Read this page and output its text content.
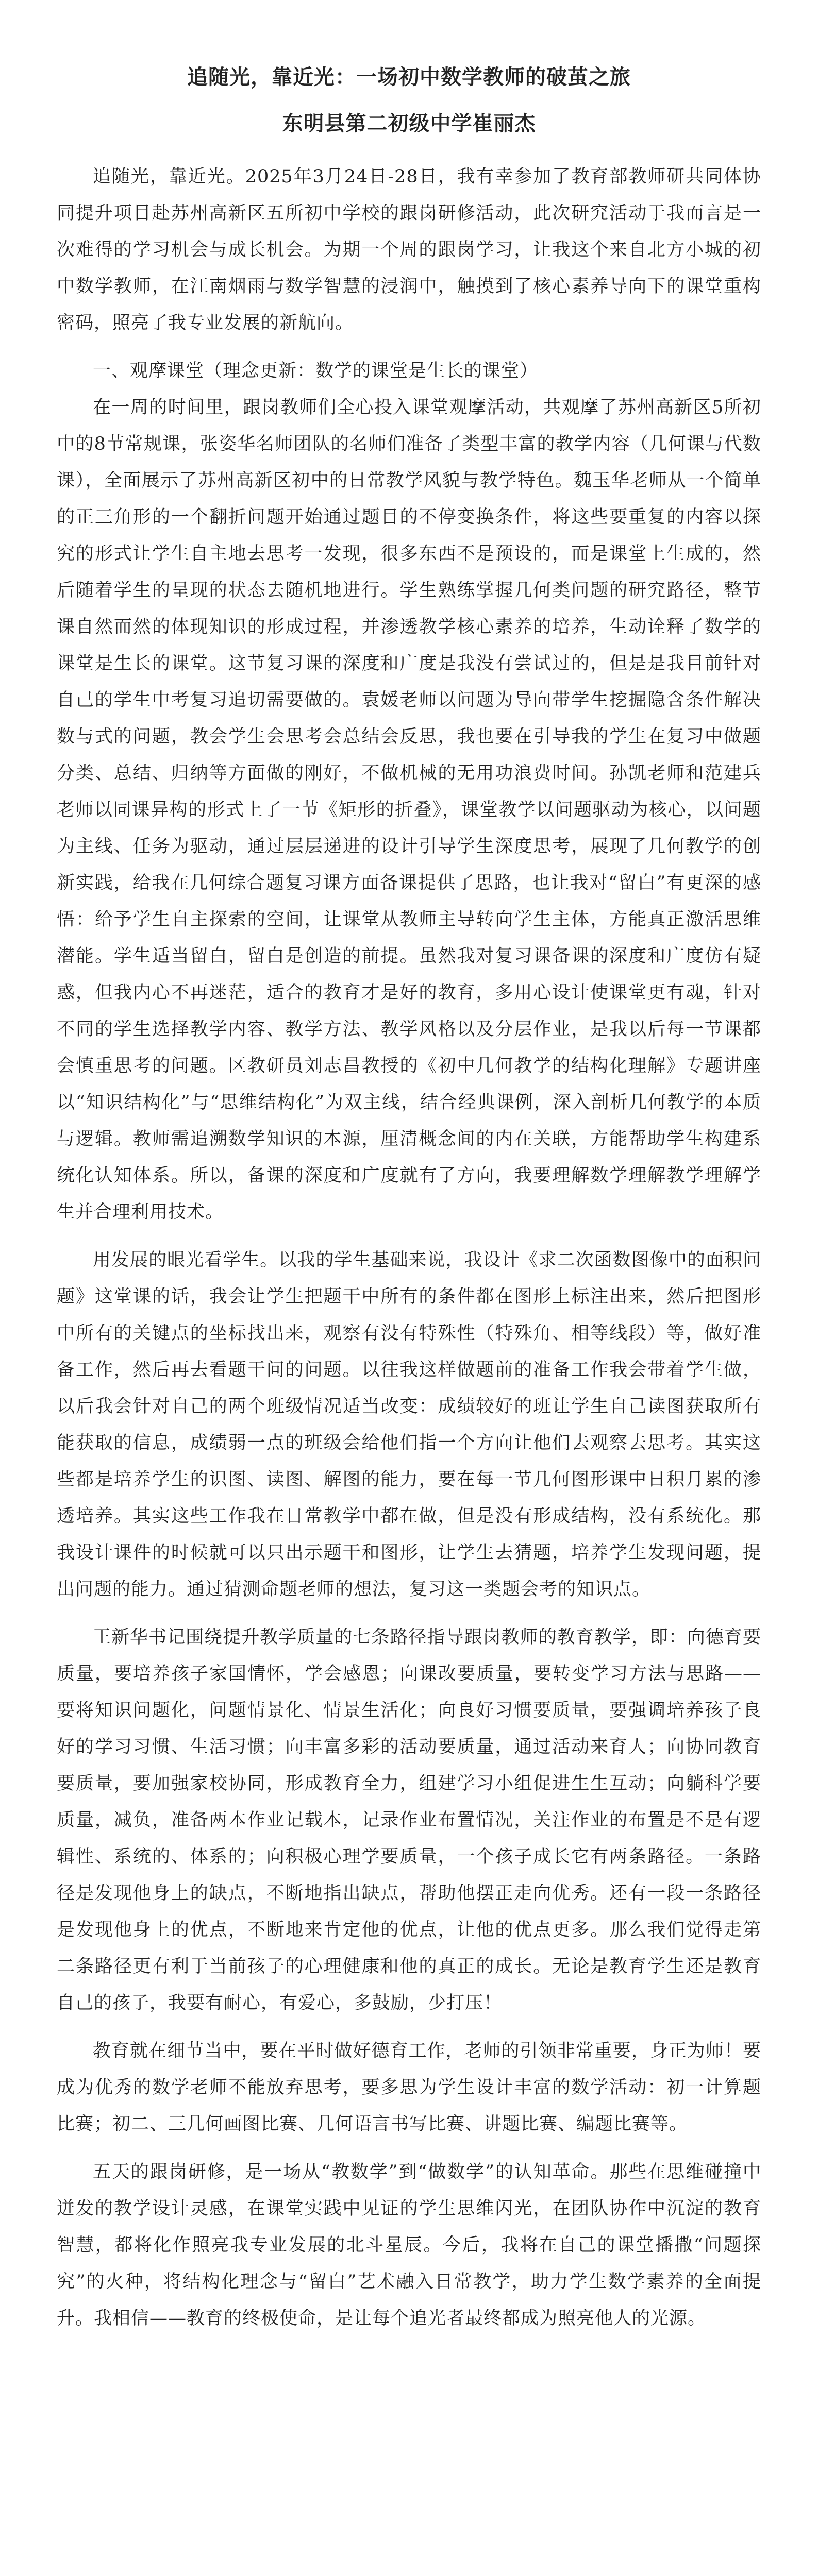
追随光，靠近光：一场初中数学教师的破茧之旅
东明县第二初级中学崔丽杰

追随光，靠近光。2025年3月24日-28日，我有幸参加了教育部教师研共同体协同提升项目赴苏州高新区五所初中学校的跟岗研修活动，此次研究活动于我而言是一次难得的学习机会与成长机会。为期一个周的跟岗学习，让我这个来自北方小城的初中数学教师，在江南烟雨与数学智慧的浸润中，触摸到了核心素养导向下的课堂重构密码，照亮了我专业发展的新航向。

一、观摩课堂（理念更新：数学的课堂是生长的课堂）

在一周的时间里，跟岗教师们全心投入课堂观摩活动，共观摩了苏州高新区5所初中的8节常规课，张姿华名师团队的名师们准备了类型丰富的教学内容（几何课与代数课），全面展示了苏州高新区初中的日常教学风貌与教学特色。魏玉华老师从一个简单的正三角形的一个翻折问题开始通过题目的不停变换条件，将这些要重复的内容以探究的形式让学生自主地去思考一发现，很多东西不是预设的，而是课堂上生成的，然后随着学生的呈现的状态去随机地进行。学生熟练掌握几何类问题的研究路径，整节课自然而然的体现知识的形成过程，并渗透教学核心素养的培养，生动诠释了数学的课堂是生长的课堂。这节复习课的深度和广度是我没有尝试过的，但是是我目前针对自己的学生中考复习追切需要做的。袁媛老师以问题为导向带学生挖掘隐含条件解决数与式的问题，教会学生会思考会总结会反思，我也要在引导我的学生在复习中做题分类、总结、归纳等方面做的刚好，不做机械的无用功浪费时间。孙凯老师和范建兵老师以同课异构的形式上了一节《矩形的折叠》，课堂教学以问题驱动为核心，以问题为主线、任务为驱动，通过层层递进的设计引导学生深度思考，展现了几何教学的创新实践，给我在几何综合题复习课方面备课提供了思路，也让我对“留白”有更深的感悟：给予学生自主探索的空间，让课堂从教师主导转向学生主体，方能真正激活思维潜能。学生适当留白，留白是创造的前提。虽然我对复习课备课的深度和广度仿有疑惑，但我内心不再迷茫，适合的教育才是好的教育，多用心设计使课堂更有魂，针对不同的学生选择教学内容、教学方法、教学风格以及分层作业，是我以后每一节课都会慎重思考的问题。区教研员刘志昌教授的《初中几何教学的结构化理解》专题讲座以“知识结构化”与“思维结构化”为双主线，结合经典课例，深入剖析几何教学的本质与逻辑。教师需追溯数学知识的本源，厘清概念间的内在关联，方能帮助学生构建系统化认知体系。所以，备课的深度和广度就有了方向，我要理解数学理解教学理解学生并合理利用技术。

用发展的眼光看学生。以我的学生基础来说，我设计《求二次函数图像中的面积问题》这堂课的话，我会让学生把题干中所有的条件都在图形上标注出来，然后把图形中所有的关键点的坐标找出来，观察有没有特殊性（特殊角、相等线段）等，做好准备工作，然后再去看题干问的问题。以往我这样做题前的准备工作我会带着学生做，以后我会针对自己的两个班级情况适当改变：成绩较好的班让学生自己读图获取所有能获取的信息，成绩弱一点的班级会给他们指一个方向让他们去观察去思考。其实这些都是培养学生的识图、读图、解图的能力，要在每一节几何图形课中日积月累的渗透培养。其实这些工作我在日常教学中都在做，但是没有形成结构，没有系统化。那我设计课件的时候就可以只出示题干和图形，让学生去猜题，培养学生发现问题，提出问题的能力。通过猜测命题老师的想法，复习这一类题会考的知识点。

王新华书记围绕提升教学质量的七条路径指导跟岗教师的教育教学，即：向德育要质量，要培养孩子家国情怀，学会感恩；向课改要质量，要转变学习方法与思路——要将知识问题化，问题情景化、情景生活化；向良好习惯要质量，要强调培养孩子良好的学习习惯、生活习惯；向丰富多彩的活动要质量，通过活动来育人；向协同教育要质量，要加强家校协同，形成教育全力，组建学习小组促进生生互动；向躺科学要质量，减负，准备两本作业记载本，记录作业布置情况，关注作业的布置是不是有逻辑性、系统的、体系的；向积极心理学要质量，一个孩子成长它有两条路径。一条路径是发现他身上的缺点，不断地指出缺点，帮助他摆正走向优秀。还有一段一条路径是发现他身上的优点，不断地来肯定他的优点，让他的优点更多。那么我们觉得走第二条路径更有利于当前孩子的心理健康和他的真正的成长。无论是教育学生还是教育自己的孩子，我要有耐心，有爱心，多鼓励，少打压！

教育就在细节当中，要在平时做好德育工作，老师的引领非常重要，身正为师！要成为优秀的数学老师不能放弃思考，要多思为学生设计丰富的数学活动：初一计算题比赛；初二、三几何画图比赛、几何语言书写比赛、讲题比赛、编题比赛等。

五天的跟岗研修，是一场从“教数学”到“做数学”的认知革命。那些在思维碰撞中迸发的教学设计灵感，在课堂实践中见证的学生思维闪光，在团队协作中沉淀的教育智慧，都将化作照亮我专业发展的北斗星辰。今后，我将在自己的课堂播撒“问题探究”的火种，将结构化理念与“留白”艺术融入日常教学，助力学生数学素养的全面提升。我相信——教育的终极使命，是让每个追光者最终都成为照亮他人的光源。
